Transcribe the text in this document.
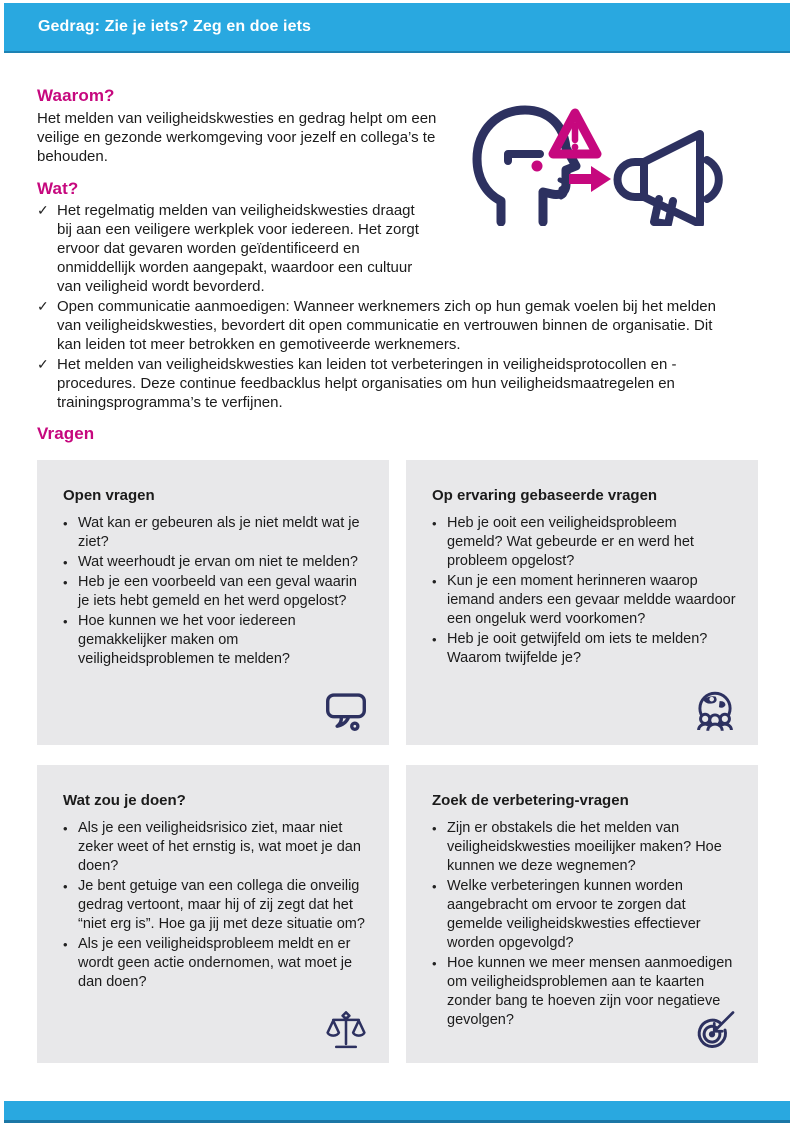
Gedrag: Zie je iets? Zeg en doe iets
Waarom?
Het melden van veiligheidskwesties en gedrag helpt om een veilige en gezonde werkomgeving voor jezelf en collega’s te behouden.
Wat?
✓ Het regelmatig melden van veiligheidskwesties draagt bij aan een veiligere werkplek voor iedereen. Het zorgt ervoor dat gevaren worden geïdentificeerd en onmiddellijk worden aangepakt, waardoor een cultuur van veiligheid wordt bevorderd.
✓ Open communicatie aanmoedigen: Wanneer werknemers zich op hun gemak voelen bij het melden van veiligheidskwesties, bevordert dit open communicatie en vertrouwen binnen de organisatie. Dit kan leiden tot meer betrokken en gemotiveerde werknemers.
✓ Het melden van veiligheidskwesties kan leiden tot verbeteringen in veiligheidsprotocollen en -procedures. Deze continue feedbacklus helpt organisaties om hun veiligheidsmaatregelen en trainingsprogramma’s te verfijnen.
Vragen
Open vragen
• Wat kan er gebeuren als je niet meldt wat je ziet?
• Wat weerhoudt je ervan om niet te melden?
• Heb je een voorbeeld van een geval waarin je iets hebt gemeld en het werd opgelost?
• Hoe kunnen we het voor iedereen gemakkelijker maken om veiligheidsproblemen te melden?
Op ervaring gebaseerde vragen
• Heb je ooit een veiligheidsprobleem gemeld? Wat gebeurde er en werd het probleem opgelost?
• Kun je een moment herinneren waarop iemand anders een gevaar meldde waardoor een ongeluk werd voorkomen?
• Heb je ooit getwijfeld om iets te melden? Waarom twijfelde je?
Wat zou je doen?
• Als je een veiligheidsrisico ziet, maar niet zeker weet of het ernstig is, wat moet je dan doen?
• Je bent getuige van een collega die onveilig gedrag vertoont, maar hij of zij zegt dat het “niet erg is”. Hoe ga jij met deze situatie om?
• Als je een veiligheidsprobleem meldt en er wordt geen actie ondernomen, wat moet je dan doen?
Zoek de verbetering-vragen
• Zijn er obstakels die het melden van veiligheidskwesties moeilijker maken? Hoe kunnen we deze wegnemen?
• Welke verbeteringen kunnen worden aangebracht om ervoor te zorgen dat gemelde veiligheidskwesties effectiever worden opgevolgd?
• Hoe kunnen we meer mensen aanmoedigen om veiligheidsproblemen aan te kaarten zonder bang te hoeven zijn voor negatieve gevolgen?
